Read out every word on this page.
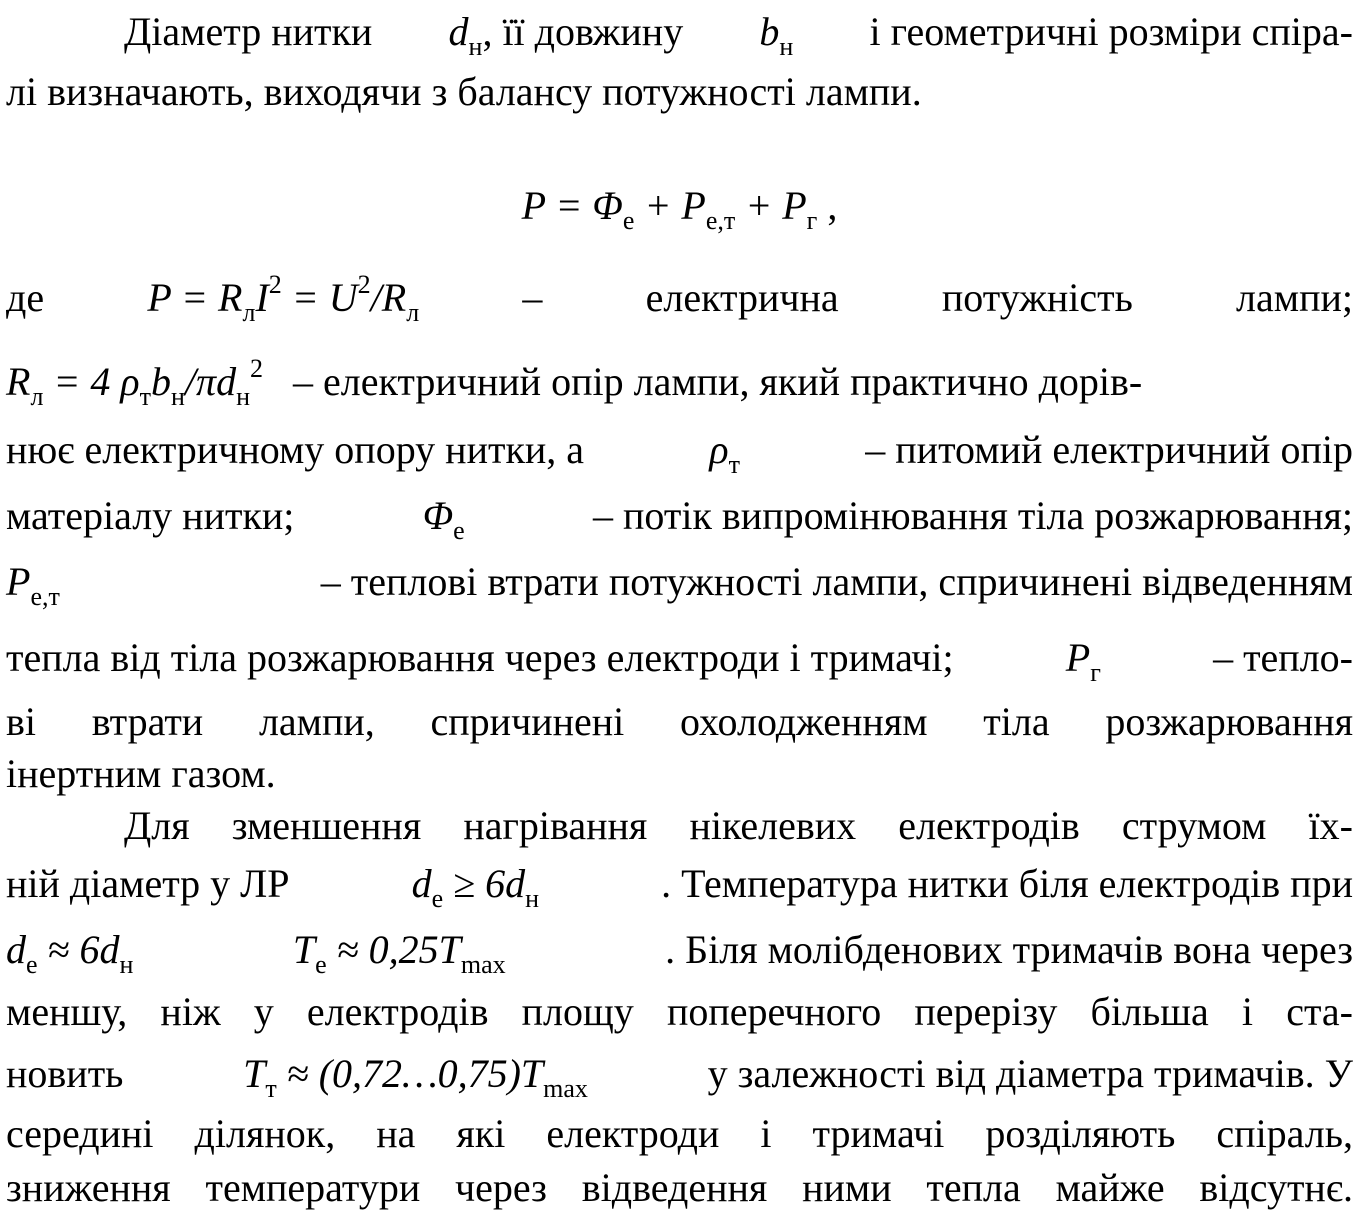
Діаметр нитки $d_н$, її довжину $b_н$ і геометричні розміри спіра-
лі визначають, виходячи з балансу потужності лампи.
$P = \Phi_е + P_{е,т} + P_г$ ,
де	$P = R_лI^2 = U^2/R_л$	–	електрична	потужність	лампи;
$R_л = 4$ $\rho_тb_н/\pi d_н^2$ – електричний опір лампи, який практично дорів-
нює електричному опору нитки, а	$\rho_т$	– питомий електричний опір
матеріалу нитки;	$\Phi_е$	– потік випромінювання тіла розжарювання;
$P_{е,т}$	– теплові втрати потужності лампи, спричинені відведенням
тепла від тіла розжарювання через електроди і тримачі;	$P_г$	– тепло-
ві втрати лампи, спричинені охолодженням тіла розжарювання
інертним газом.
Для зменшення нагрівання нікелевих електродів струмом їх-
ній діаметр у ЛР	$d_е \ge 6d_н$	. Температура нитки біля електродів при
$d_е \approx 6d_н$	$T_е \approx 0,25T_{max}$	. Біля молібденових тримачів вона через
меншу, ніж у електродів площу поперечного перерізу більша і ста-
новить	$T_т$ ≈ $(0,72\dots 0,75)T_{max}$	у залежності від діаметра тримачів. У
середині ділянок, на які електроди і тримачі розділяють спіраль,
зниження температури через відведення ними тепла майже відсутнє.
